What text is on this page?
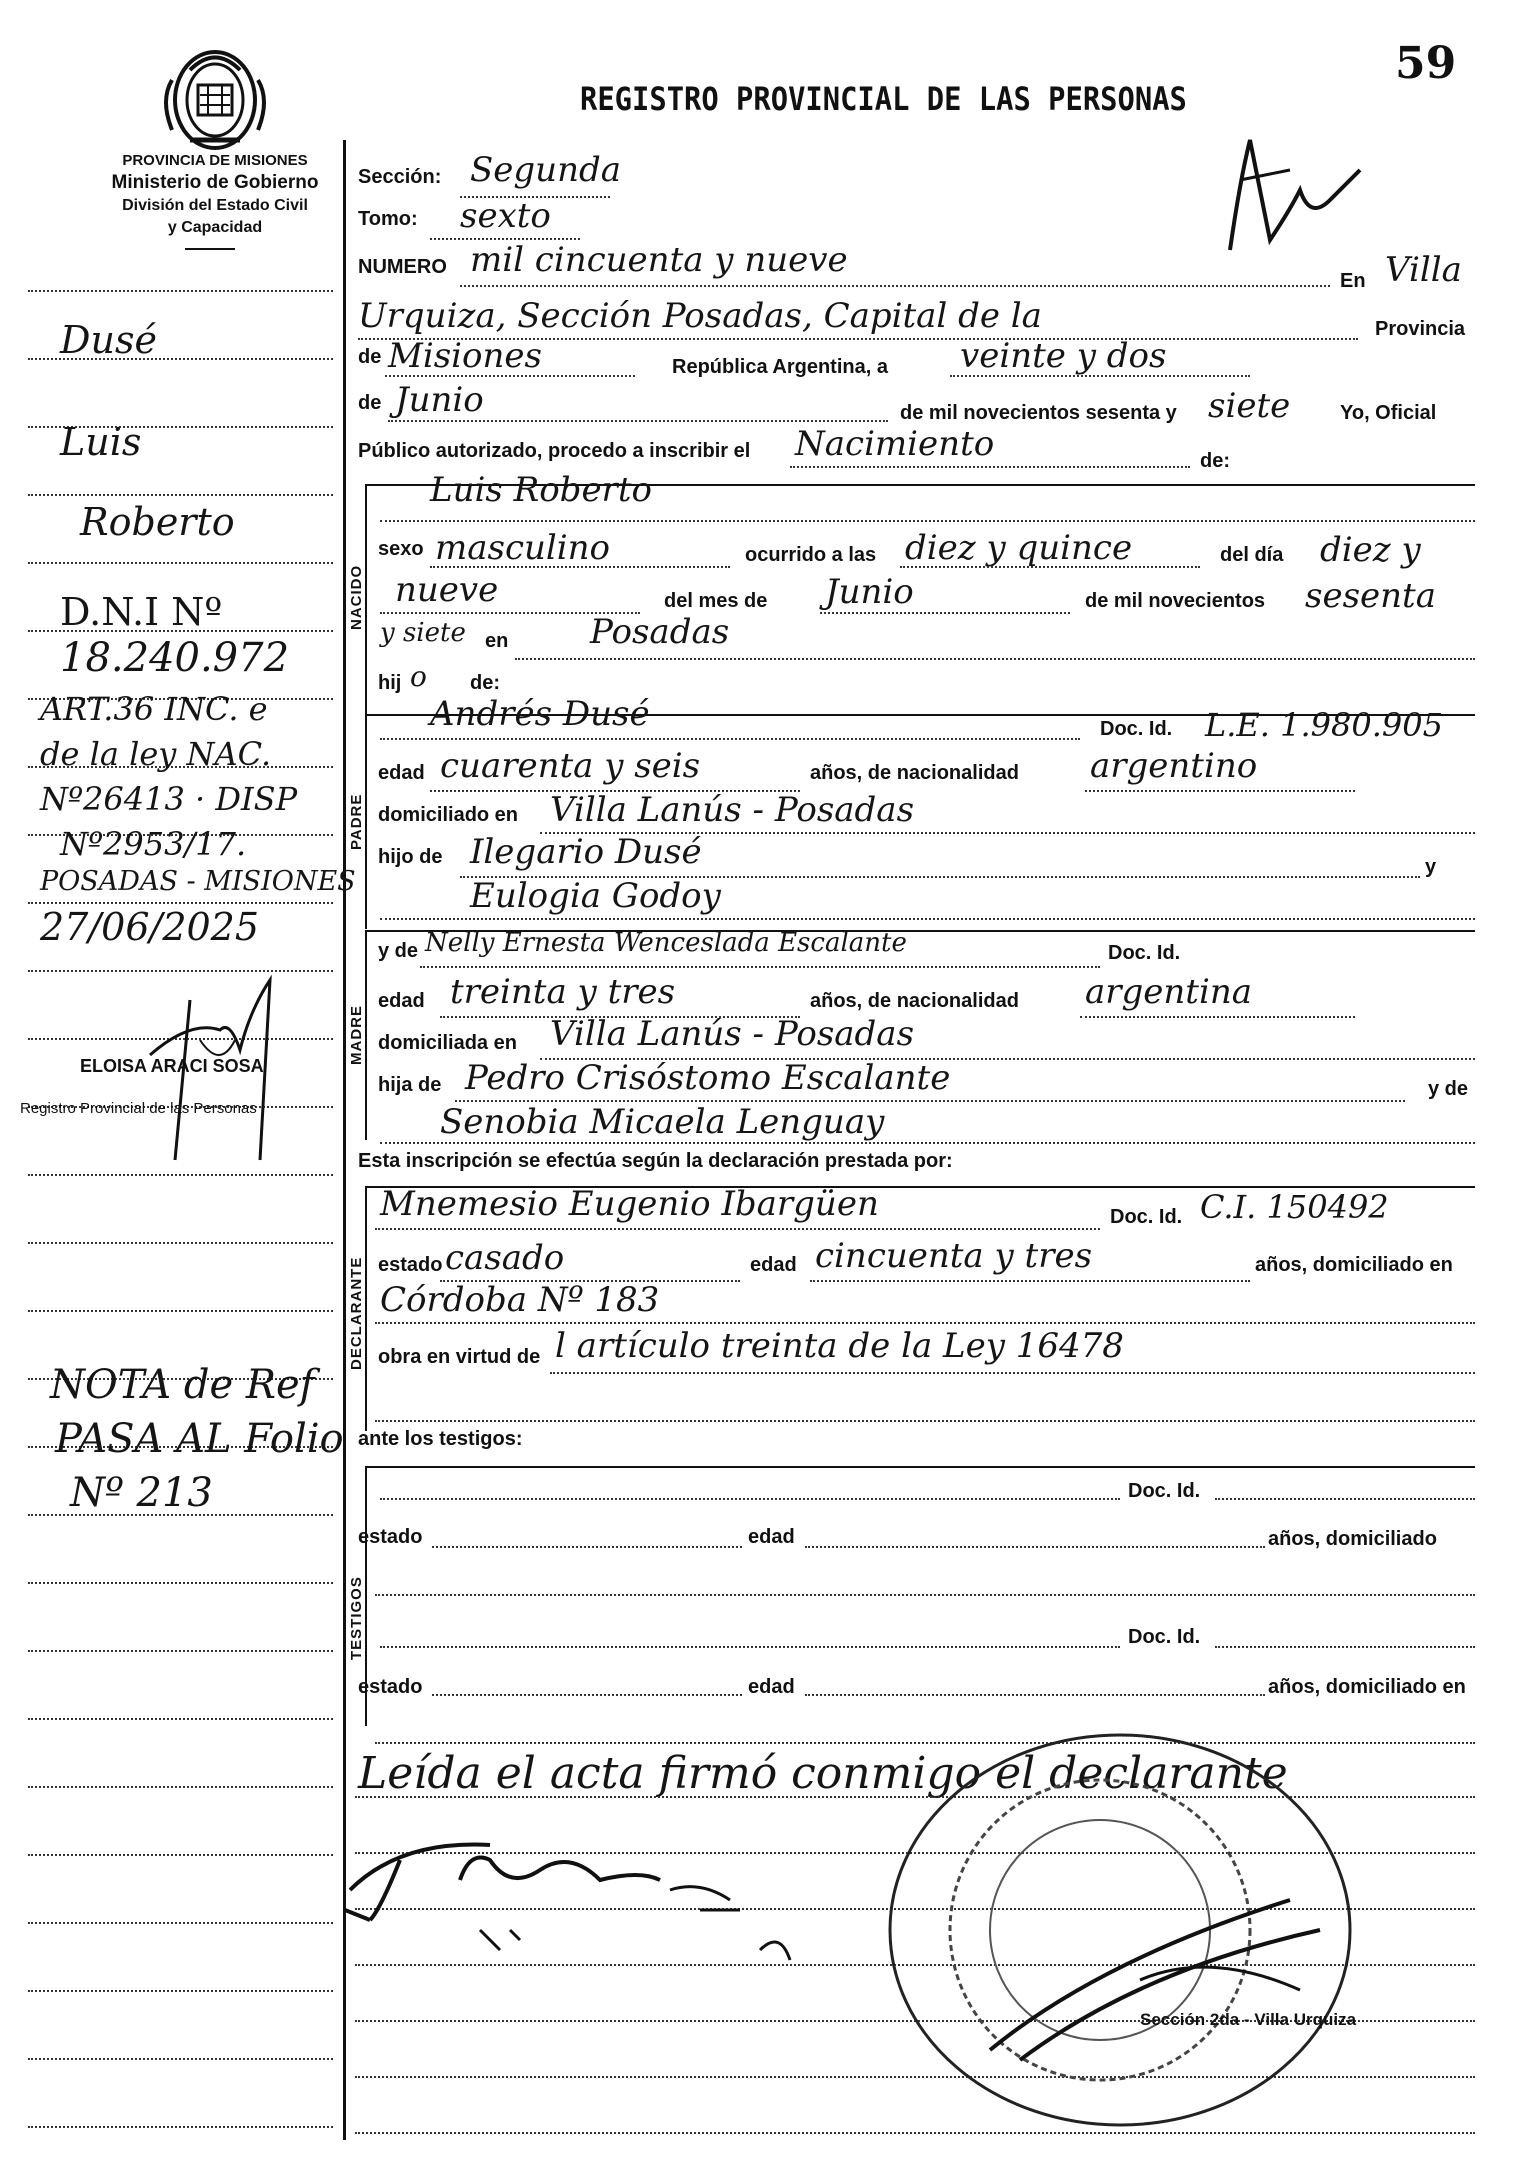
59
REGISTRO PROVINCIAL DE LAS PERSONAS
PROVINCIA DE MISIONES
Ministerio de Gobierno
División del Estado Civil
y Capacidad
Dusé
Luis
Roberto
D.N.I Nº
18.240.972
ART.36 INC. e
de la ley NAC.
Nº26413 · DISP
Nº2953/17.
POSADAS - MISIONES
27/06/2025
ELOISA ARACI SOSA
Registro Provincial de las Personas
NOTA de Ref
PASA AL Folio
Nº 213
Sección: Segunda
Tomo: sexto
NUMERO mil cincuenta y nueve
En Villa
Urquiza, Sección Posadas, Capital de la	Provincia
de Misiones	República Argentina, a veinte y dos
de Junio	de mil novecientos sesenta y siete Yo, Oficial
Público autorizado, procedo a inscribir el Nacimiento	de:
NACIDO
Luis Roberto
sexo masculino	ocurrido a las diez y quince	del día diez y
nueve	del mes de Junio	de mil novecientos sesenta
y siete en Posadas
hij o de:
PADRE
Andrés Dusé	Doc. Id. L.E. 1.980.905
edad cuarenta y seis	años, de nacionalidad argentino
domiciliado en Villa Lanús - Posadas
hijo de Ilegario Dusé	y
Eulogia Godoy
MADRE
y de Nelly Ernesta Wenceslada Escalante	Doc. Id.
edad treinta y tres	años, de nacionalidad argentina
domiciliada en Villa Lanús - Posadas
hija de Pedro Crisóstomo Escalante	y de
Senobia Micaela Lenguay
Esta inscripción se efectúa según la declaración prestada por:
DECLARANTE
Mnemesio Eugenio Ibargüen	Doc. Id. C.I. 150492
estado casado	edad cincuenta y tres	años, domiciliado en
Córdoba Nº 183
obra en virtud de l artículo treinta de la Ley 16478
ante los testigos:
TESTIGOS
Doc. Id.
estado	edad	años, domiciliado
Doc. Id.
estado	edad	años, domiciliado en
Leída el acta firmó conmigo el declarante
Sección 2da - Villa Urquiza
